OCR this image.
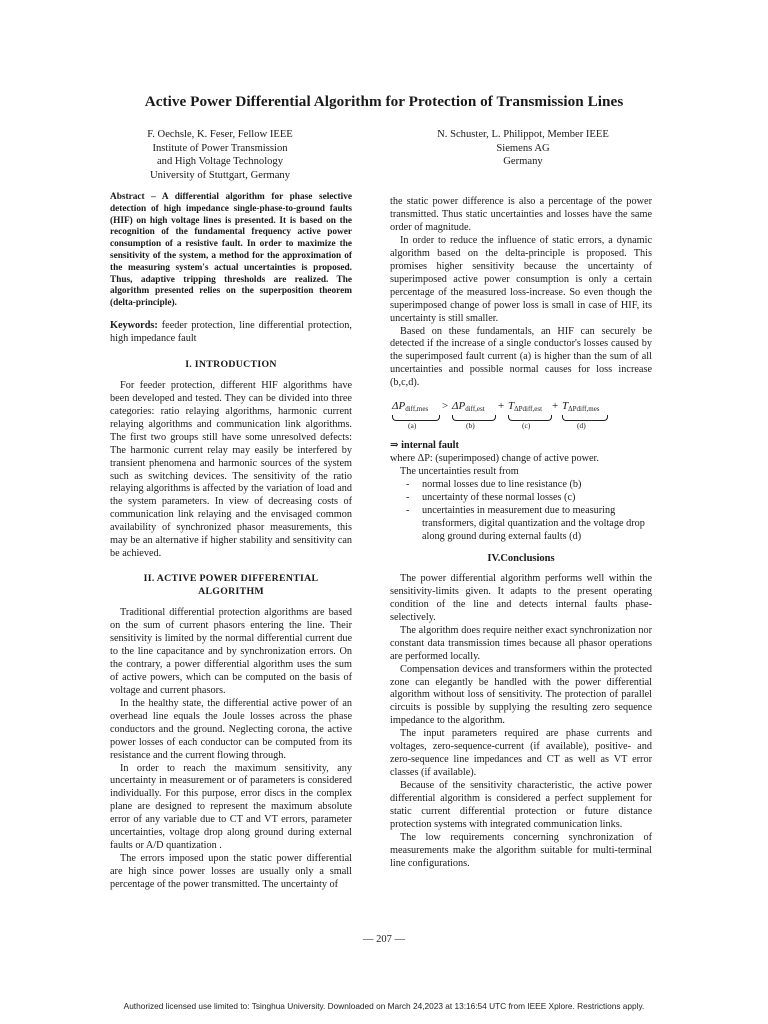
Active Power Differential Algorithm for Protection of Transmission Lines
F. Oechsle, K. Feser, Fellow IEEE
Institute of Power Transmission
and High Voltage Technology
University of Stuttgart, Germany
N. Schuster, L. Philippot, Member IEEE
Siemens AG
Germany

Abstract – A differential algorithm for phase selective detection of high impedance single-phase-to-ground faults (HIF) on high voltage lines is presented. It is based on the recognition of the fundamental frequency active power consumption of a resistive fault. In order to maximize the sensitivity of the system, a method for the approximation of the measuring system's actual uncertainties is proposed. Thus, adaptive tripping thresholds are realized. The algorithm presented relies on the superposition theorem (delta-principle).

Keywords: feeder protection, line differential protection, high impedance fault

I. INTRODUCTION

For feeder protection, different HIF algorithms have been developed and tested. They can be divided into three categories: ratio relaying algorithms, harmonic current relaying algorithms and communication link algorithms. The first two groups still have some unresolved defects: The harmonic current relay may easily be interfered by transient phenomena and harmonic sources of the system such as switching devices. The sensitivity of the ratio relaying algorithms is affected by the variation of load and the system parameters. In view of decreasing costs of communication link relaying and the envisaged common availability of synchronized phasor measurements, this may be an alternative if higher stability and sensitivity can be achieved.

II. ACTIVE POWER DIFFERENTIAL ALGORITHM

Traditional differential protection algorithms are based on the sum of current phasors entering the line. Their sensitivity is limited by the normal differential current due to the line capacitance and by synchronization errors. On the contrary, a power differential algorithm uses the sum of active powers, which can be computed on the basis of voltage and current phasors.

In the healthy state, the differential active power of an overhead line equals the Joule losses across the phase conductors and the ground. Neglecting corona, the active power losses of each conductor can be computed from its resistance and the current flowing through.

In order to reach the maximum sensitivity, any uncertainty in measurement or of parameters is considered individually. For this purpose, error discs in the complex plane are designed to represent the maximum absolute error of any variable due to CT and VT errors, parameter uncertainties, voltage drop along ground during external faults or A/D quantization .

The errors imposed upon the static power differential are high since power losses are usually only a small percentage of the power transmitted. The uncertainty of

the static power difference is also a percentage of the power transmitted. Thus static uncertainties and losses have the same order of magnitude.

In order to reduce the influence of static errors, a dynamic algorithm based on the delta-principle is proposed. This promises higher sensitivity because the uncertainty of superimposed active power consumption is only a certain percentage of the measured loss-increase. So even though the superimposed change of power loss is small in case of HIF, its uncertainty is still smaller.

Based on these fundamentals, an HIF can securely be detected if the increase of a single conductor's losses caused by the superimposed fault current (a) is higher than the sum of all uncertainties and possible normal causes for loss increase (b,c,d).

$\Delta P_{diff,mes} > \Delta P_{diff,est} + T_{\Delta Pdiff,est} + T_{\Delta Pdiff,mes}$
(a)	(b)	(c)	(d)

⇒ internal fault

where ΔP: (superimposed) change of active power.

The uncertainties result from

- normal losses due to line resistance (b)
- uncertainty of these normal losses (c)
- uncertainties in measurement due to measuring transformers, digital quantization and the voltage drop along ground during external faults (d)

IV.Conclusions

The power differential algorithm performs well within the sensitivity-limits given. It adapts to the present operating condition of the line and detects internal faults phase-selectively.

The algorithm does require neither exact synchronization nor constant data transmission times because all phasor operations are performed locally.

Compensation devices and transformers within the protected zone can elegantly be handled with the power differential algorithm without loss of sensitivity. The protection of parallel circuits is possible by supplying the resulting zero sequence impedance to the algorithm.

The input parameters required are phase currents and voltages, zero-sequence-current (if available), positive- and zero-sequence line impedances and CT as well as VT error classes (if available).

Because of the sensitivity characteristic, the active power differential algorithm is considered a perfect supplement for static current differential protection or future distance protection systems with integrated communication links.

The low requirements concerning synchronization of measurements make the algorithm suitable for multi-terminal line configurations.

— 207 —
Authorized licensed use limited to: Tsinghua University. Downloaded on March 24,2023 at 13:16:54 UTC from IEEE Xplore. Restrictions apply.
